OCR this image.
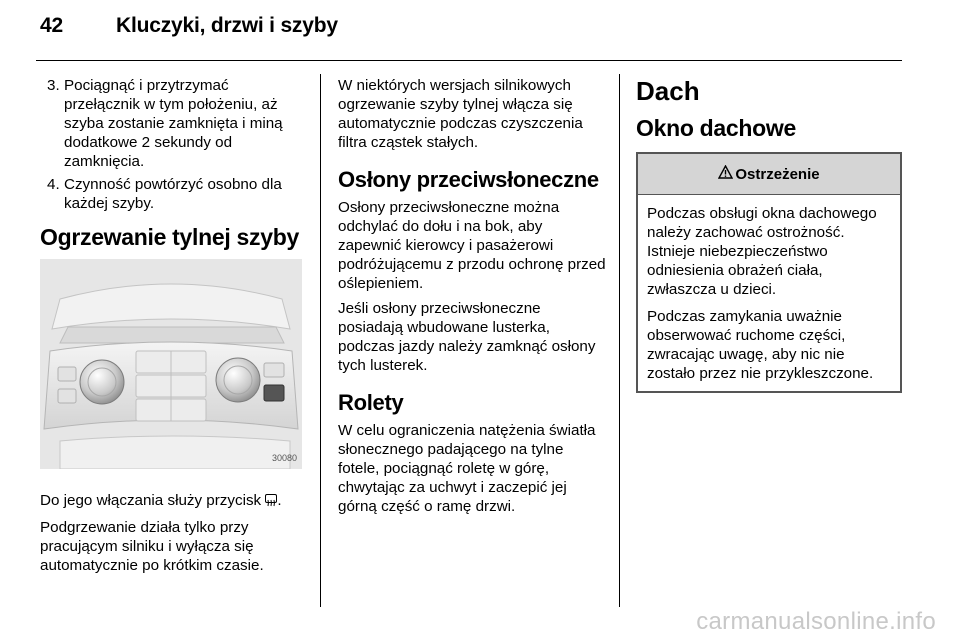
42	Kluczyki, drzwi i szyby
3. Pociągnąć i przytrzymać przełącznik w tym położeniu, aż szyba zostanie zamknięta i miną dodatkowe 2 sekundy od zamknięcia.
4. Czynność powtórzyć osobno dla każdej szyby.
Ogrzewanie tylnej szyby
30080

Do jego włączania służy przycisk .

Podgrzewanie działa tylko przy pracującym silniku i wyłącza się automatycznie po krótkim czasie.

W niektórych wersjach silnikowych ogrzewanie szyby tylnej włącza się automatycznie podczas czyszczenia filtra cząstek stałych.

Osłony przeciwsłoneczne

Osłony przeciwsłoneczne można odchylać do dołu i na bok, aby zapewnić kierowcy i pasażerowi podróżującemu z przodu ochronę przed oślepieniem.

Jeśli osłony przeciwsłoneczne posiadają wbudowane lusterka, podczas jazdy należy zamknąć osłony tych lusterek.

Rolety

W celu ograniczenia natężenia światła słonecznego padającego na tylne fotele, pociągnąć roletę w górę, chwytając za uchwyt i zaczepić jej górną część o ramę drzwi.

Dach
Okno dachowe
Ostrzeżenie

Podczas obsługi okna dachowego należy zachować ostrożność. Istnieje niebezpieczeństwo odniesienia obrażeń ciała, zwłaszcza u dzieci.

Podczas zamykania uważnie obserwować ruchome części, zwracając uwagę, aby nic nie zostało przez nie przykleszczone.

carmanualsonline.info
